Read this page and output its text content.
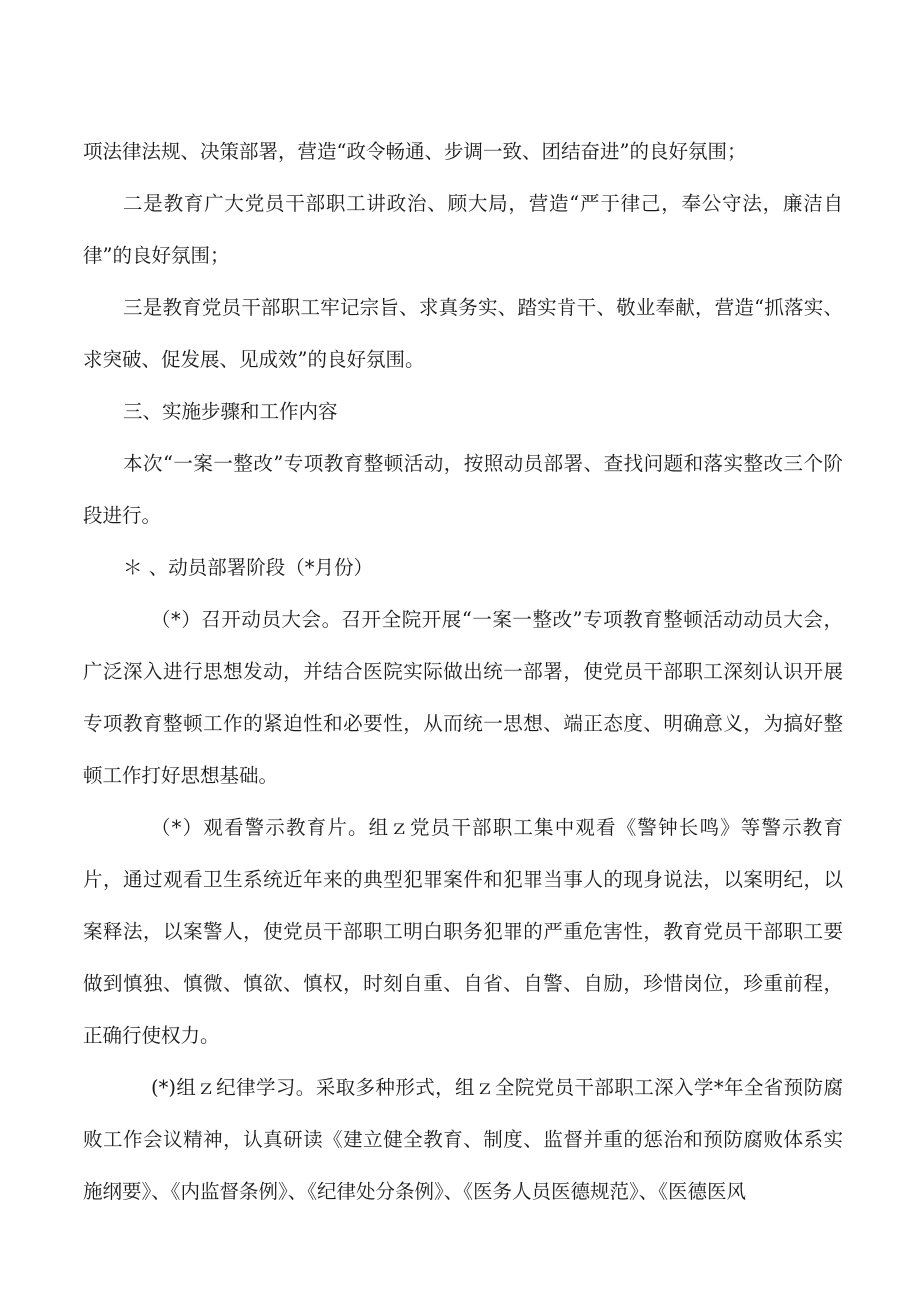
项法律法规、决策部署，营造“政令畅通、步调一致、团结奋进”的良好氛围；

二是教育广大党员干部职工讲政治、顾大局，营造“严于律己，奉公守法，廉洁自律”的良好氛围；

三是教育党员干部职工牢记宗旨、求真务实、踏实肯干、敬业奉献，营造“抓落实、求突破、促发展、见成效”的良好氛围。

三、实施步骤和工作内容

本次“一案一整改”专项教育整顿活动，按照动员部署、查找问题和落实整改三个阶段进行。

＊ 、动员部署阶段（*月份）

（*）召开动员大会。召开全院开展“一案一整改”专项教育整顿活动动员大会，广泛深入进行思想发动，并结合医院实际做出统一部署，使党员干部职工深刻认识开展专项教育整顿工作的紧迫性和必要性，从而统一思想、端正态度、明确意义，为搞好整顿工作打好思想基础。

（*）观看警示教育片。组ｚ党员干部职工集中观看《警钟长鸣》等警示教育片，通过观看卫生系统近年来的典型犯罪案件和犯罪当事人的现身说法，以案明纪，以案释法，以案警人，使党员干部职工明白职务犯罪的严重危害性，教育党员干部职工要做到慎独、慎微、慎欲、慎权，时刻自重、自省、自警、自励，珍惜岗位，珍重前程，正确行使权力。

(*)组ｚ纪律学习。采取多种形式，组ｚ全院党员干部职工深入学*年全省预防腐败工作会议精神，认真研读《建立健全教育、制度、监督并重的惩治和预防腐败体系实施纲要》、《内监督条例》、《纪律处分条例》、《医务人员医德规范》、《医德医风
